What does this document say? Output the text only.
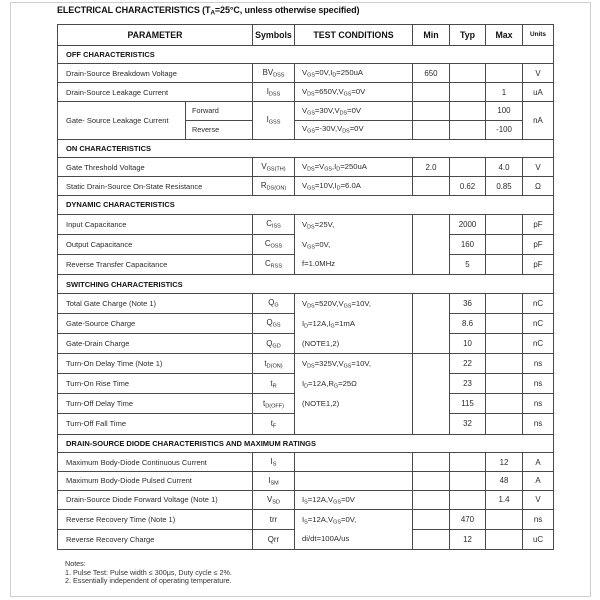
ELECTRICAL CHARACTERISTICS (TA=25°C, unless otherwise specified)
PARAMETER		Symbols	TEST CONDITIONS	Min	Typ	Max	Units
OFF CHARACTERISTICS							
Drain-Source Breakdown Voltage		BVDSS	VGS=0V,ID=250uA	650			V
Drain-Source Leakage Current		IDSS	VDS=650V,VGS=0V			1	uA
Gate- Source Leakage Current	Forward	IGSS	VGS=30V,VDS=0V			100	nA
	Reverse		VGS=-30V,VDS=0V			-100	
ON CHARACTERISTICS							
Gate Threshold Voltage		VGS(TH)	VDS=VGS,ID=250uA	2.0		4.0	V
Static Drain-Source On-State Resistance		RDS(ON)	VGS=10V,ID=6.0A		0.62	0.85	Ω
DYNAMIC CHARACTERISTICS							
Input Capacitance		CISS	VDS=25V,
VGS=0V,
f=1.0MHz		2000		pF
Output Capacitance		COSS			160		pF
Reverse Transfer Capacitance		CRSS			5		pF
SWITCHING CHARACTERISTICS							
Total Gate Charge (Note 1)		QG	VDS=520V,VGS=10V,
ID=12A,IG=1mA
(NOTE1,2)		36		nC
Gate-Source Charge		QGS			8.6		nC
Gate-Drain Charge		QGD			10		nC
Turn-On Delay Time (Note 1)		tD(ON)	VDS=325V,VGS=10V,
ID=12A,RG=25Ω
(NOTE1,2)		22		ns
Turn-On Rise Time		tR			23		ns
Turn-Off Delay Time		tD(OFF)			115		ns
Turn-Off Fall Time		tF			32		ns
DRAIN-SOURCE DIODE CHARACTERISTICS AND MAXIMUM RATINGS							
Maximum Body-Diode Continuous Current		IS				12	A
Maximum Body-Diode Pulsed Current		ISM				48	A
Drain-Source Diode Forward Voltage (Note 1)		VSD	IS=12A,VGS=0V			1.4	V
Reverse Recovery Time (Note 1)		trr	IS=12A,VGS=0V,
di/dt=100A/us		470		ns
Reverse Recovery Charge		Qrr			12		uC
Notes:
1. Pulse Test: Pulse width ≤ 300μs, Duty cycle ≤ 2%.
2. Essentially independent of operating temperature.
